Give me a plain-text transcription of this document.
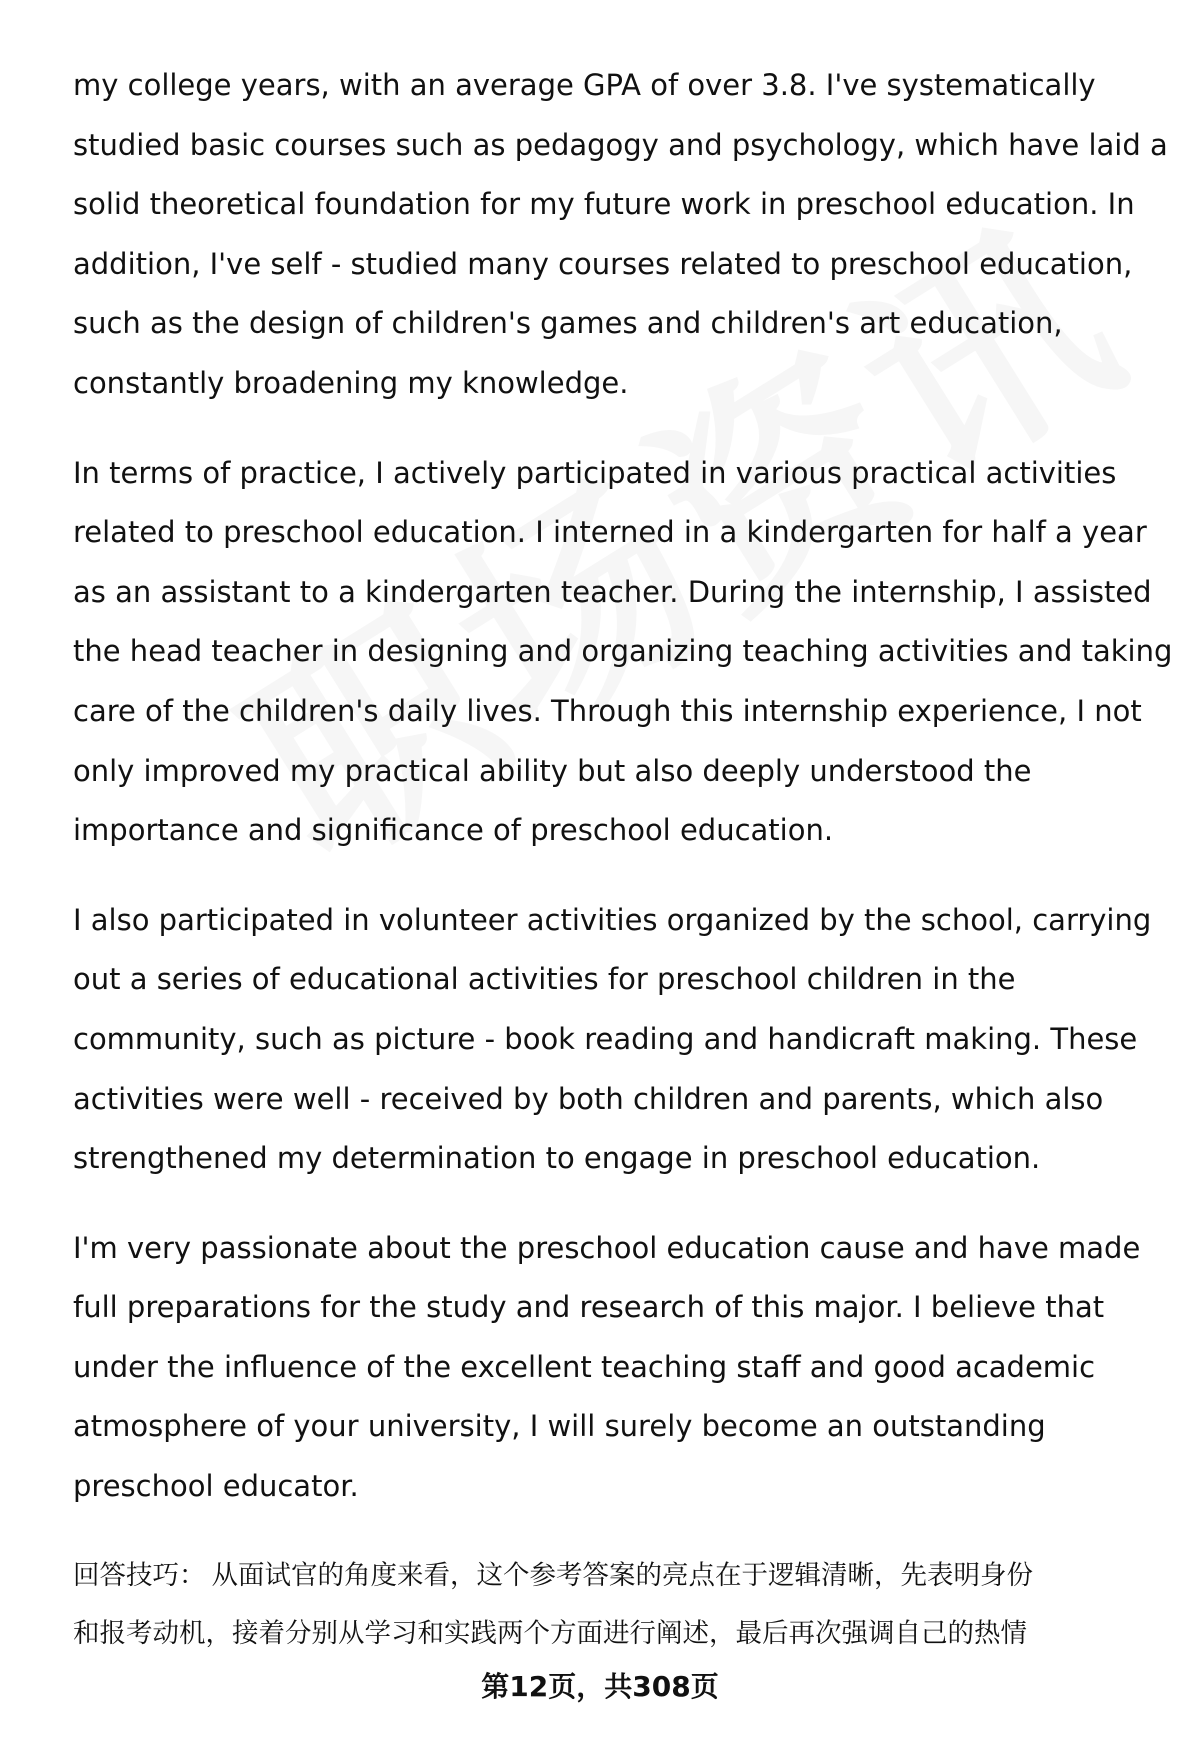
my college years, with an average GPA of over 3.8. I've systematically
studied basic courses such as pedagogy and psychology, which have laid a
solid theoretical foundation for my future work in preschool education. In
addition, I've self - studied many courses related to preschool education,
such as the design of children's games and children's art education,
constantly broadening my knowledge.

In terms of practice, I actively participated in various practical activities
related to preschool education. I interned in a kindergarten for half a year
as an assistant to a kindergarten teacher. During the internship, I assisted
the head teacher in designing and organizing teaching activities and taking
care of the children's daily lives. Through this internship experience, I not
only improved my practical ability but also deeply understood the
importance and significance of preschool education.

I also participated in volunteer activities organized by the school, carrying
out a series of educational activities for preschool children in the
community, such as picture - book reading and handicraft making. These
activities were well - received by both children and parents, which also
strengthened my determination to engage in preschool education.

I'm very passionate about the preschool education cause and have made
full preparations for the study and research of this major. I believe that
under the influence of the excellent teaching staff and good academic
atmosphere of your university, I will surely become an outstanding
preschool educator.

回答技巧： 从面试官的角度来看，这个参考答案的亮点在于逻辑清晰，先表明身份
和报考动机，接着分别从学习和实践两个方面进行阐述，最后再次强调自己的热情

第12页，共308页
